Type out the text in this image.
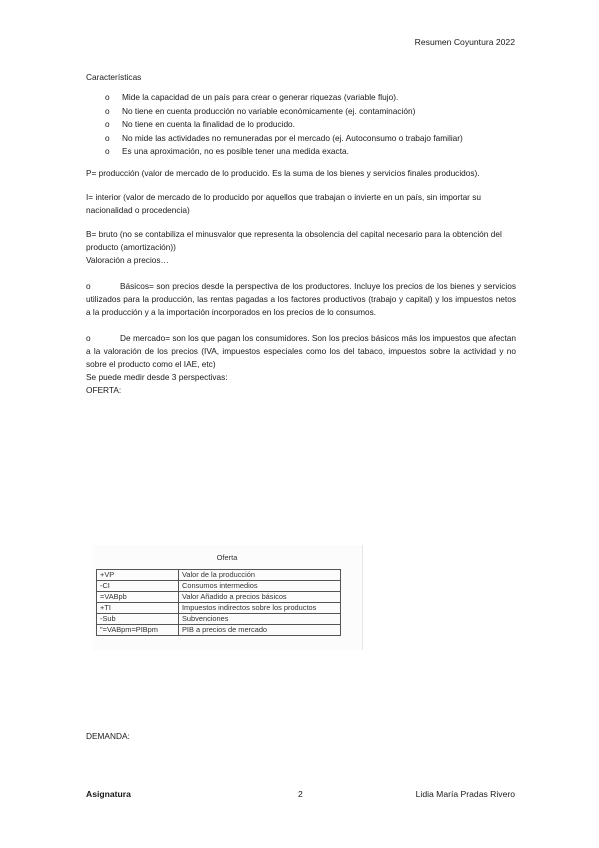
Resumen Coyuntura 2022

Características

o Mide la capacidad de un país para crear o generar riquezas (variable flujo).
o No tiene en cuenta producción no variable económicamente (ej. contaminación)
o No tiene en cuenta la finalidad de lo producido.
o No mide las actividades no remuneradas por el mercado (ej. Autoconsumo o trabajo familiar)
o Es una aproximación, no es posible tener una medida exacta.

P= producción (valor de mercado de lo producido. Es la suma de los bienes y servicios finales producidos).

I= interior (valor de mercado de lo producido por aquellos que trabajan o invierte en un país, sin importar su nacionalidad o procedencia)

B= bruto (no se contabiliza el minusvalor que representa la obsolencia del capital necesario para la obtención del producto (amortización))

Valoración a precios…

o	Básicos= son precios desde la perspectiva de los productores. Incluye los precios de los bienes y servicios utilizados para la producción, las rentas pagadas a los factores productivos (trabajo y capital) y los impuestos netos a la producción y a la importación incorporados en los precios de lo consumos.

o	De mercado= son los que pagan los consumidores. Son los precios básicos más los impuestos que afectan a la valoración de los precios (IVA, impuestos especiales como los del tabaco, impuestos sobre la actividad y no sobre el producto como el IAE, etc)

Se puede medir desde 3 perspectivas:

OFERTA:

Oferta
+VP	Valor de la producción
-CI	Consumos intermedios
=VABpb	Valor Añadido a precios básicos
+TI	Impuestos indirectos sobre los productos
-Sub	Subvenciones
"=VABpm=PIBpm	PIB a precios de mercado
DEMANDA:
Asignatura	2	Lidia María Pradas Rivero
